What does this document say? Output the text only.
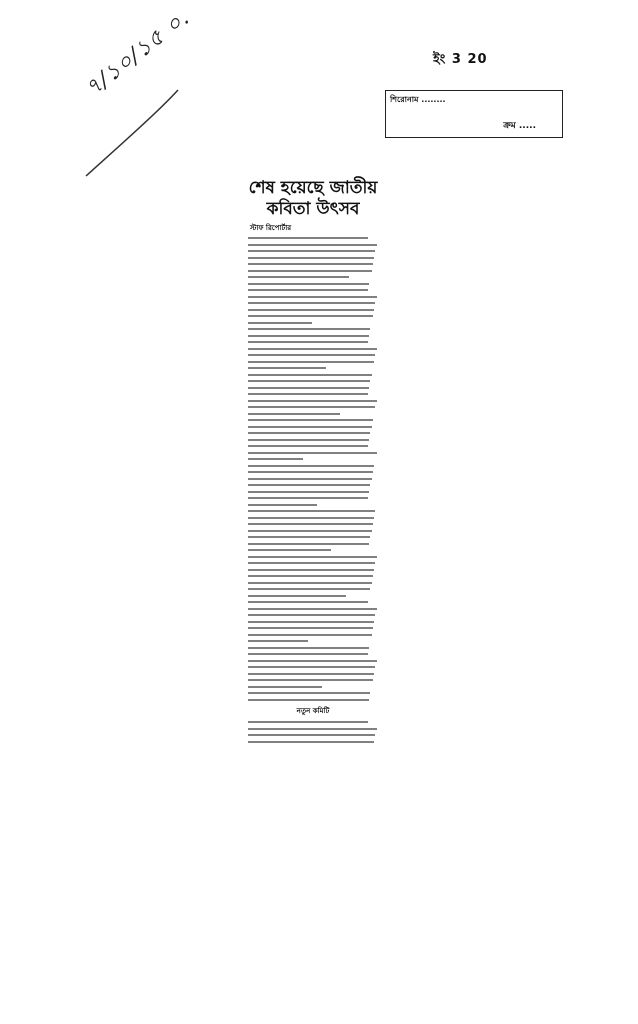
৭/১০/১৫ ০.	ইং 3 20
শিরোনাম ........
ক্রম .....
শেষ হয়েছে জাতীয়
কবিতা উৎসব
স্টাফ রিপোর্টার
নতুন কমিটি
